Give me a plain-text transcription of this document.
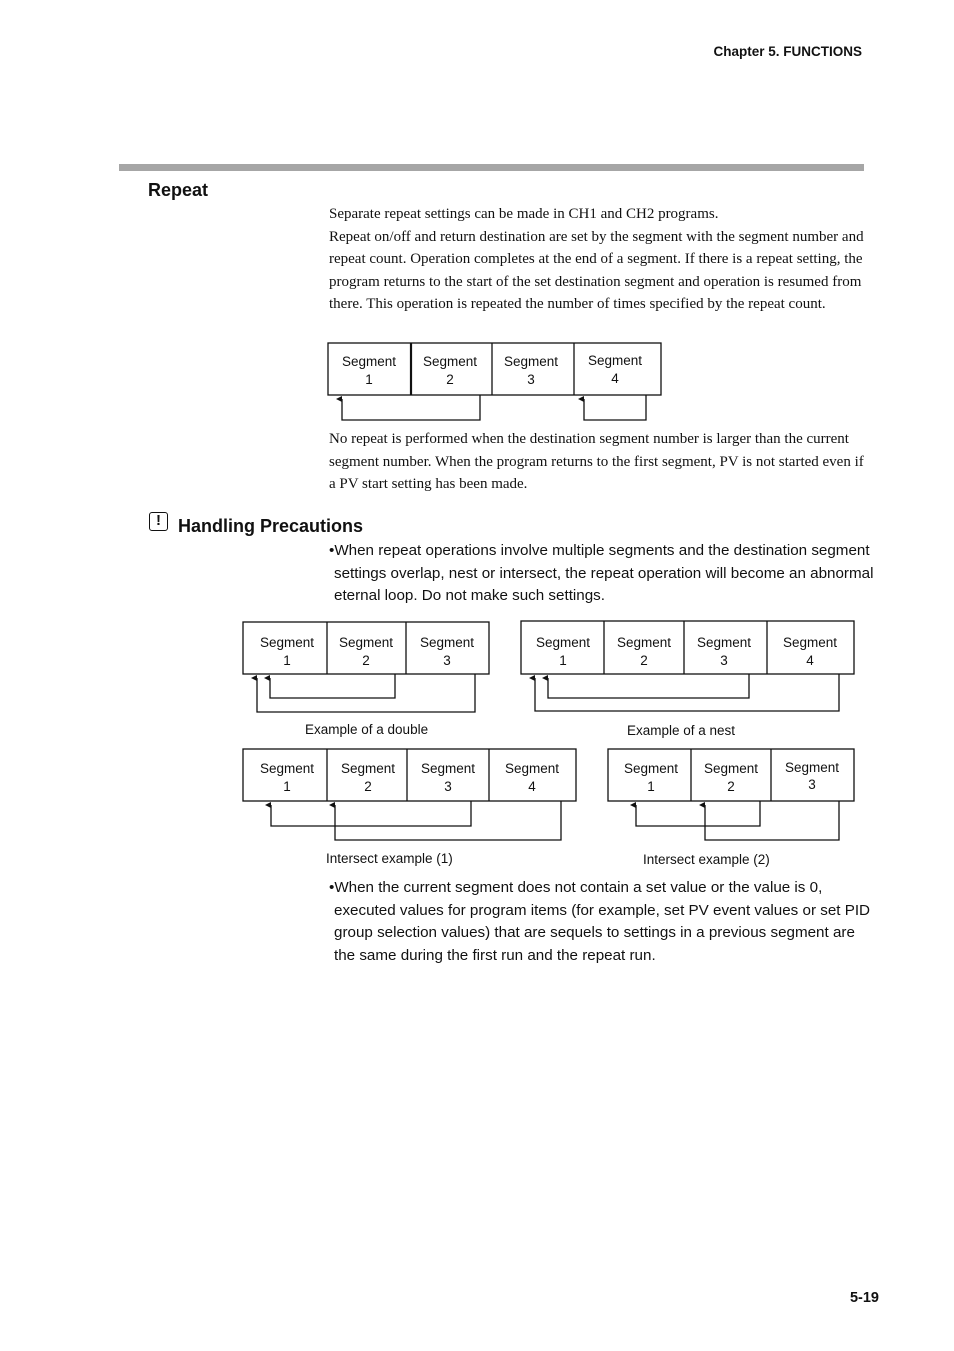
Chapter 5. FUNCTIONS
Repeat

Separate repeat settings can be made in CH1 and CH2 programs.

Repeat on/off and return destination are set by the segment with the segment number and repeat count. Operation completes at the end of a segment. If there is a repeat setting, the program returns to the start of the set destination segment and operation is resumed from there. This operation is repeated the number of times specified by the repeat count.

Segment
1
Segment
2
Segment
3
Segment
4
Segment
1
Segment
2
Segment
3
Example of a double
Segment
1
Segment
2
Segment
3
Segment
4
Example of a nest
Segment
1
Segment
2
Segment
3
Segment
4
Intersect example (1)
Segment
1
Segment
2
Segment
3
Intersect example (2)

No repeat is performed when the destination segment number is larger than the current segment number. When the program returns to the first segment, PV is not started even if a PV start setting has been made.

! Handling Precautions
•When repeat operations involve multiple segments and the destination segment settings overlap, nest or intersect, the repeat operation will become an abnormal eternal loop. Do not make such settings.
•When the current segment does not contain a set value or the value is 0, executed values for program items (for example, set PV event values or set PID group selection values) that are sequels to settings in a previous segment are the same during the first run and the repeat run.
5-19
